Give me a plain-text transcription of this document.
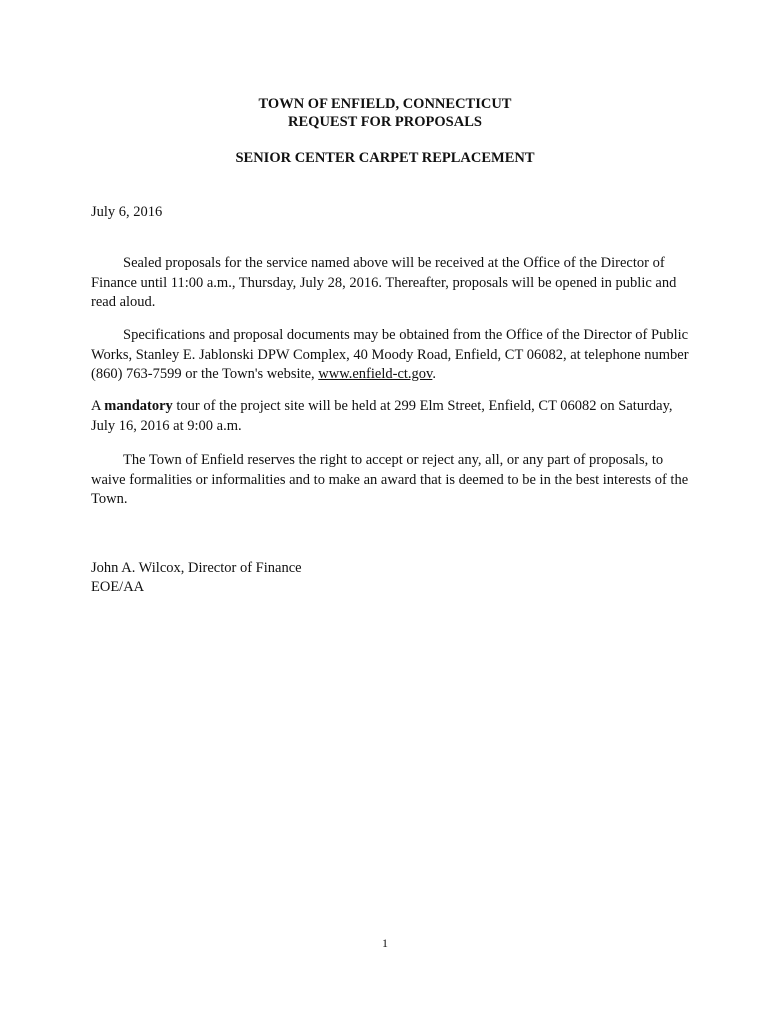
TOWN OF ENFIELD, CONNECTICUT
REQUEST FOR PROPOSALS
SENIOR CENTER CARPET REPLACEMENT
July 6, 2016
Sealed proposals for the service named above will be received at the Office of the Director of Finance until 11:00 a.m., Thursday, July 28, 2016. Thereafter, proposals will be opened in public and read aloud.
Specifications and proposal documents may be obtained from the Office of the Director of Public Works, Stanley E. Jablonski DPW Complex, 40 Moody Road, Enfield, CT 06082, at telephone number (860) 763-7599 or the Town's website, www.enfield-ct.gov.
A mandatory tour of the project site will be held at 299 Elm Street, Enfield, CT 06082 on Saturday, July 16, 2016 at 9:00 a.m.
The Town of Enfield reserves the right to accept or reject any, all, or any part of proposals, to waive formalities or informalities and to make an award that is deemed to be in the best interests of the Town.
John A. Wilcox, Director of Finance
EOE/AA
1
